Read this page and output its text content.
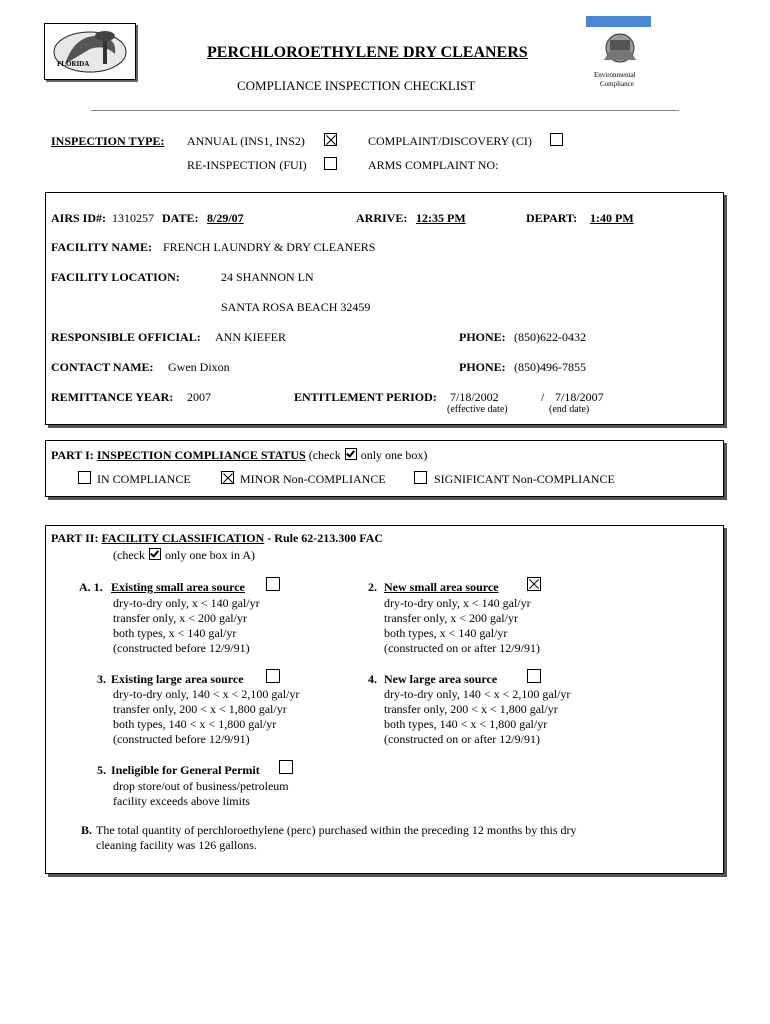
FLORIDA
Environmental
Compliance
PERCHLOROETHYLENE DRY CLEANERS
COMPLIANCE INSPECTION CHECKLIST
INSPECTION TYPE: ANNUAL (INS1, INS2)	COMPLAINT/DISCOVERY (CI)
RE-INSPECTION (FUI)	ARMS COMPLAINT NO:
AIRS ID#: 1310257 DATE: 8/29/07	ARRIVE: 12:35 PM	DEPART: 1:40 PM
FACILITY NAME: FRENCH LAUNDRY & DRY CLEANERS
FACILITY LOCATION:	24 SHANNON LN
SANTA ROSA BEACH 32459
RESPONSIBLE OFFICIAL: ANN KIEFER	PHONE: (850)622-0432
CONTACT NAME: Gwen Dixon	PHONE: (850)496-7855
REMITTANCE YEAR: 2007	ENTITLEMENT PERIOD: 7/18/2002	/ 7/18/2007
(effective date)	(end date)
PART I: INSPECTION COMPLIANCE STATUS (check only one box)
IN COMPLIANCE	MINOR Non-COMPLIANCE	SIGNIFICANT Non-COMPLIANCE
PART II: FACILITY CLASSIFICATION - Rule 62-213.300 FAC
(check only one box in A)
A. 1. Existing small area source
dry-to-dry only, x < 140 gal/yr
transfer only, x < 200 gal/yr
both types, x < 140 gal/yr
(constructed before 12/9/91)
2. New small area source
dry-to-dry only, x < 140 gal/yr
transfer only, x < 200 gal/yr
both types, x < 140 gal/yr
(constructed on or after 12/9/91)
3. Existing large area source
dry-to-dry only, 140 < x < 2,100 gal/yr
transfer only, 200 < x < 1,800 gal/yr
both types, 140 < x < 1,800 gal/yr
(constructed before 12/9/91)
4. New large area source
dry-to-dry only, 140 < x < 2,100 gal/yr
transfer only, 200 < x < 1,800 gal/yr
both types, 140 < x < 1,800 gal/yr
(constructed on or after 12/9/91)
5. Ineligible for General Permit
drop store/out of business/petroleum
facility exceeds above limits
B. The total quantity of perchloroethylene (perc) purchased within the preceding 12 months by this dry
cleaning facility was 126 gallons.
